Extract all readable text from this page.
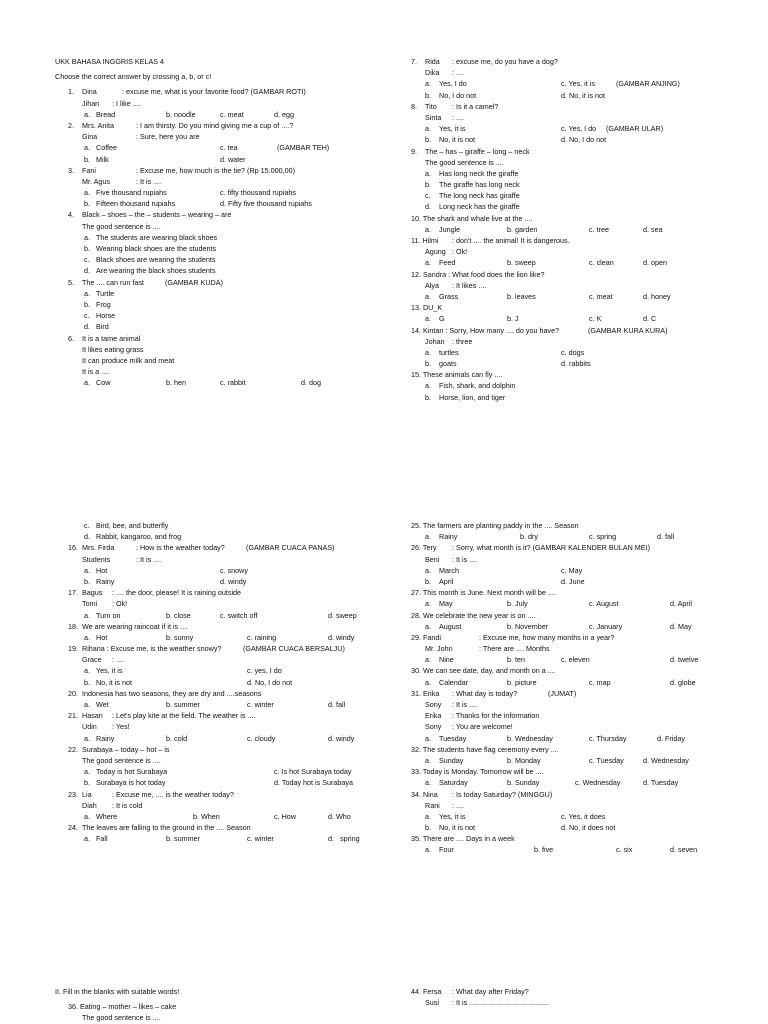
UKK BAHASA INGGRIS KELAS 4
Choose the correct answer by crossing a, b, or c!
1. Dina	: excuse me, what is your favorite food? (GAMBAR ROTI)
Jihan : I like ....
a. Bread	b. noodle	c. meat	d. egg
2. Mrs. Anita	: I am thirsty. Do you mind giving me a cup of ....?
Gina	: Sure, here you are
a. Coffee	c. tea	(GAMBAR TEH)
b. Milk	d. water
3. Fani	: Excuse me, how much is the tie? (Rp 15.000,00)
Mr. Agus	: It is ....
a. Five thousand rupiahs	c. fifty thousand rupiahs
b. Fifteen thousand rupiahs	d. Fifty five thousand rupiahs
4. Black – shoes – the – students – wearing – are
The good sentence is ....
a. The students are wearing black shoes
b. Wearing black shoes are the students
c. Black shoes are wearing the students
d. Are wearing the black shoes students
5. The .... can run fast	(GAMBAR KUDA)
a. Turtle
b. Frog
c. Horse
d. Bird
6. It is a tame animal
It likes eating grass
It can produce milk and meat
It is a ....
a. Cow	b. hen	c. rabbit	d. dog
7. Rida : excuse me, do you have a dog?
Dika : ....
a. Yes, I do	c. Yes, it is	(GAMBAR ANJING)
b. No, I do not	d. No, it is not
8. Tito : Is it a camel?
Sinta : ....
a. Yes, it is	c. Yes, I do (GAMBAR ULAR)
b. No, it is not	d. No, I do not
9. The – has – giraffe – long – neck
The good sentence is ....
a. Has long neck the giraffe
b. The giraffe has long neck
c. The long neck has giraffe
d. Long neck has the giraffe
10. The shark and whale live at the ....
a. Jungle	b. garden	c. tree	d. sea
11. Hilmi : don't .... the animal! It is dangerous.
Agung : Ok!
a. Feed	b. sweep	c. clean	d. open
12. Sandra : What food does the lion like?
Alya : It likes ....
a. Grass	b. leaves	c. meat	d. honey
13. DU_K
a. G	b. J	c. K	d. C
14. Kintan : Sorry, How many .... do you have?	(GAMBAR KURA KURA)
Johan : three
a. turtles	c. dogs
b. goats	d. rabbits
15. These animals can fly ....
a. Fish, shark, and dolphin
b. Horse, lion, and tiger
c. Bird, bee, and butterfly
d. Rabbit, kangaroo, and frog
16. Mrs. Firda	: How is the weather today?	(GAMBAR CUACA PANAS)
Students	: It is ....
a. Hot	c. snowy
b. Rainy	d. windy
17. Bagus : .... the door, please! It is raining outside
Tomi : Ok!
a. Turn on	b. close	c. switch off	d. sweep
18. We are wearing raincoat if it is ....
a. Hot	b. sunny	c. raining	d. windy
19. Rihana : Excuse me, is the weather snowy?	(GAMBAR CUACA BERSALJU)
Grace : ....
a. Yes, it is	c. yes, I do
b. No, it is not	d. No, I do not
20. Indonesia has two seasons, they are dry and ....seasons
a. Wet	b. summer	c. winter	d. fall
21. Hasan : Let's play kite at the field. The weather is ....
Udin : Yes!
a. Rainy	b. cold	c. cloudy	d. windy
22. Surabaya – today – hot – is
The good sentence is ....
a. Today is hot Surabaya	c. Is hot Surabaya today
b. Surabaya is hot today	d. Today hot is Surabaya
23. Lia	: Excuse me, .... is the weather today?
Diah : It is cold
a. Where	b. When	c. How	d. Who
24. The leaves are falling to the ground in the .... Season
a. Fall	b. summer	c. winter	d. spring
25. The farmers are planting paddy in the .... Season
a. Rainy	b. dry	c. spring	d. fall
26. Tery : Sorry, what month is it? (GAMBAR KALENDER BULAN MEI)
Beni : It is ....
a. March	c. May
b. April	d. June
27. This month is June. Next month will be ....
a. May	b. July	c. August	d. April
28. We celebrate the new year is on ....
a. August	b. November	c. January	d. May
29. Fandi	: Excuse me, how many months in a year?
Mr. John	: There are .... Months
a. Nine	b. ten	c. eleven	d. twelve
30. We can see date, day, and month on a ....
a. Calendar	b. picture	c. map	d. globe
31. Erika : What day is today?	(JUMAT)
Sony : It is ....
Erika : Thanks for the information
Sony : You are welcome!
a. Tuesday	b. Wednesday	c. Thursday	d. Friday
32. The students have flag ceremony every ....
a. Sunday	b. Monday	c. Tuesday	d. Wednesday
33. Today is Monday. Tomorrow will be ....
a. Saturday	b. Sunday	c. Wednesday	d. Tuesday
34. Nina : Is today Saturday? (MINGGU)
Rani : ....
a. Yes, it is	c. Yes, it does
b. No, it is not	d. No, it does not
35. There are .... Days in a week
a. Four	b. five	c. six	d. seven
II. Fill in the blanks with suitable words!
36. Eating – mother – likes – cake
The good sentence is ....
44. Fersa : What day after Friday?
Susi : It is ........................................
